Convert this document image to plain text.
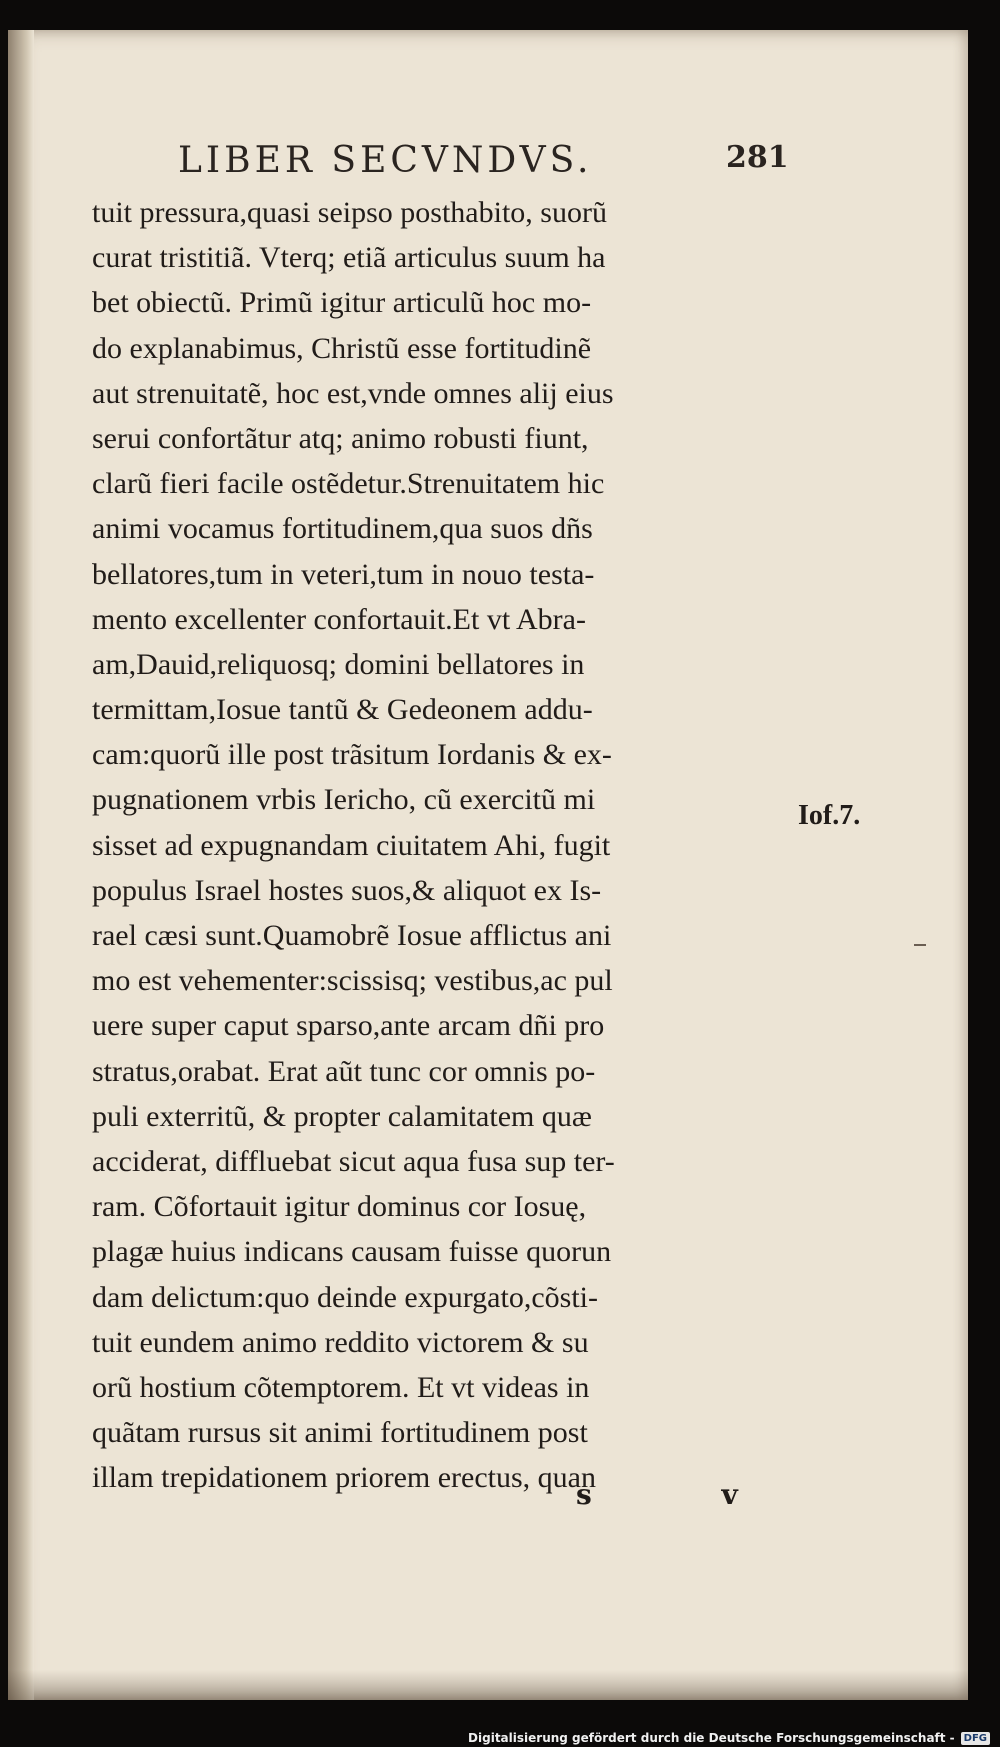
LIBER SECVNDVS.	281
tuit pressura,quasi seipso posthabito, suorũ
curat tristitiã. Vterq; etiã articulus suum ha
bet obiectũ. Primũ igitur articulũ hoc mo-
do explanabimus, Christũ esse fortitudinẽ
aut strenuitatẽ, hoc est,vnde omnes alij eius
serui confortãtur atq; animo robusti fiunt,
clarũ fieri facile ostẽdetur.Strenuitatem hic
animi vocamus fortitudinem,qua suos dñs
bellatores,tum in veteri,tum in nouo testa-
mento excellenter confortauit.Et vt Abra-
am,Dauid,reliquosq; domini bellatores in
termittam,Iosue tantũ & Gedeonem addu-
cam:quorũ ille post trãsitum Iordanis & ex-
pugnationem vrbis Iericho, cũ exercitũ mi
sisset ad expugnandam ciuitatem Ahi, fugit
populus Israel hostes suos,& aliquot ex Is-
rael cæsi sunt.Quamobrẽ Iosue afflictus ani
mo est vehementer:scissisq; vestibus,ac pul
uere super caput sparso,ante arcam dñi pro
stratus,orabat. Erat aũt tunc cor omnis po-
puli exterritũ, & propter calamitatem quæ
acciderat, diffluebat sicut aqua fusa sup ter-
ram. Cõfortauit igitur dominus cor Iosuę,
plagæ huius indicans causam fuisse quorun
dam delictum:quo deinde expurgato,cõsti-
tuit eundem animo reddito victorem & su
orũ hostium cõtemptorem. Et vt videas in
quãtam rursus sit animi fortitudinem post
illam trepidationem priorem erectus, quan
Iof.7.
s v
Digitalisierung gefördert durch die Deutsche Forschungsgemeinschaft - DFG
